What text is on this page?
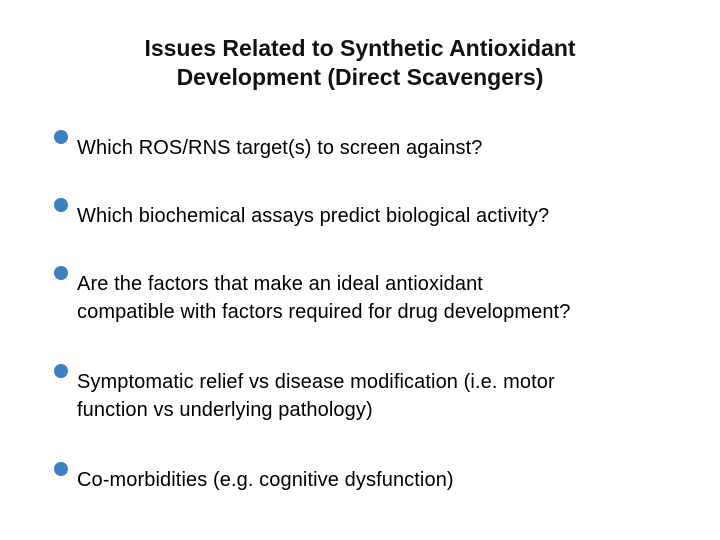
Issues Related to Synthetic Antioxidant
Development (Direct Scavengers)
Which ROS/RNS target(s) to screen against?
Which biochemical assays predict biological activity?
Are the factors that make an ideal antioxidant
compatible with factors required for drug development?
Symptomatic relief vs disease modification (i.e. motor
function vs underlying pathology)
Co-morbidities (e.g. cognitive dysfunction)
